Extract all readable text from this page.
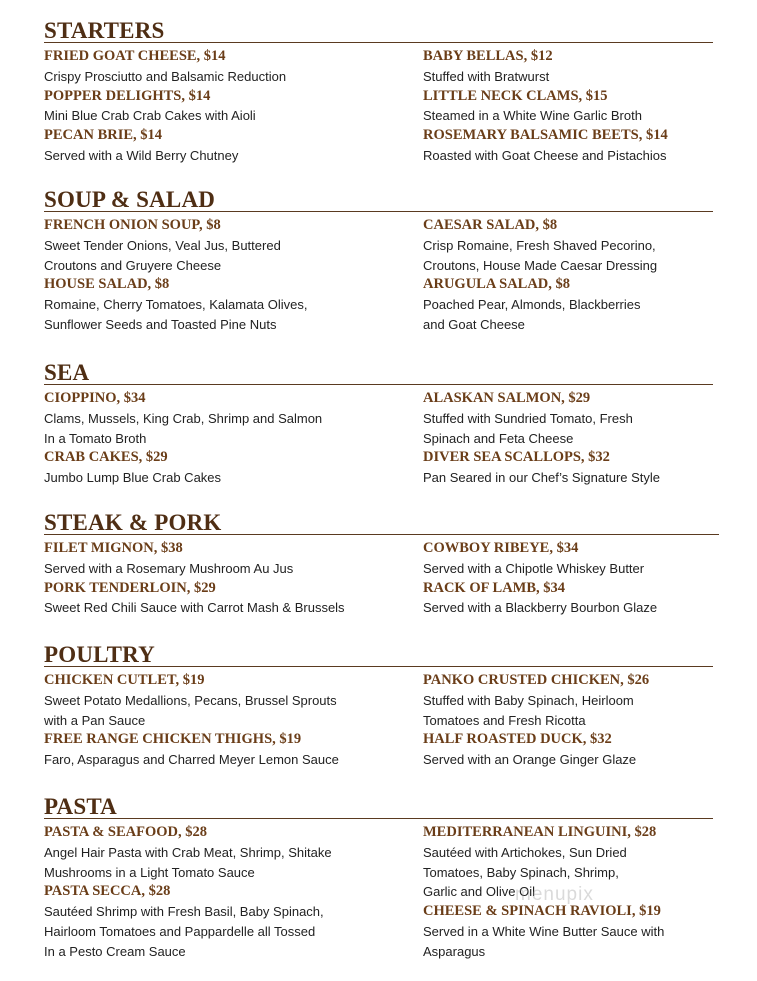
STARTERS
FRIED GOAT CHEESE, $14
Crispy Prosciutto and Balsamic Reduction
POPPER DELIGHTS, $14
Mini Blue Crab Crab Cakes with Aioli
PECAN BRIE, $14
Served with a Wild Berry Chutney
BABY BELLAS, $12
Stuffed with Bratwurst
LITTLE NECK CLAMS, $15
Steamed in a White Wine Garlic Broth
ROSEMARY BALSAMIC BEETS, $14
Roasted with Goat Cheese and Pistachios
SOUP & SALAD
FRENCH ONION SOUP, $8
Sweet Tender Onions, Veal Jus, Buttered
Croutons and Gruyere Cheese
HOUSE SALAD, $8
Romaine, Cherry Tomatoes, Kalamata Olives,
Sunflower Seeds and Toasted Pine Nuts
CAESAR SALAD, $8
Crisp Romaine, Fresh Shaved Pecorino,
Croutons, House Made Caesar Dressing
ARUGULA SALAD, $8
Poached Pear, Almonds, Blackberries
and Goat Cheese
SEA
CIOPPINO, $34
Clams, Mussels, King Crab, Shrimp and Salmon
In a Tomato Broth
CRAB CAKES, $29
Jumbo Lump Blue Crab Cakes
ALASKAN SALMON, $29
Stuffed with Sundried Tomato, Fresh
Spinach and Feta Cheese
DIVER SEA SCALLOPS, $32
Pan Seared in our Chef’s Signature Style
STEAK & PORK
FILET MIGNON, $38
Served with a Rosemary Mushroom Au Jus
PORK TENDERLOIN, $29
Sweet Red Chili Sauce with Carrot Mash & Brussels
COWBOY RIBEYE, $34
Served with a Chipotle Whiskey Butter
RACK OF LAMB, $34
Served with a Blackberry Bourbon Glaze
POULTRY
CHICKEN CUTLET, $19
Sweet Potato Medallions, Pecans, Brussel Sprouts
with a Pan Sauce
FREE RANGE CHICKEN THIGHS, $19
Faro, Asparagus and Charred Meyer Lemon Sauce
PANKO CRUSTED CHICKEN, $26
Stuffed with Baby Spinach, Heirloom
Tomatoes and Fresh Ricotta
HALF ROASTED DUCK, $32
Served with an Orange Ginger Glaze
PASTA
PASTA & SEAFOOD, $28
Angel Hair Pasta with Crab Meat, Shrimp, Shitake
Mushrooms in a Light Tomato Sauce
PASTA SECCA, $28
Sautéed Shrimp with Fresh Basil, Baby Spinach,
Hairloom Tomatoes and Pappardelle all Tossed
In a Pesto Cream Sauce
MEDITERRANEAN LINGUINI, $28
Sautéed with Artichokes, Sun Dried
Tomatoes, Baby Spinach, Shrimp,
Garlic and Olive Oil
CHEESE & SPINACH RAVIOLI, $19
Served in a White Wine Butter Sauce with
Asparagus
menupix
